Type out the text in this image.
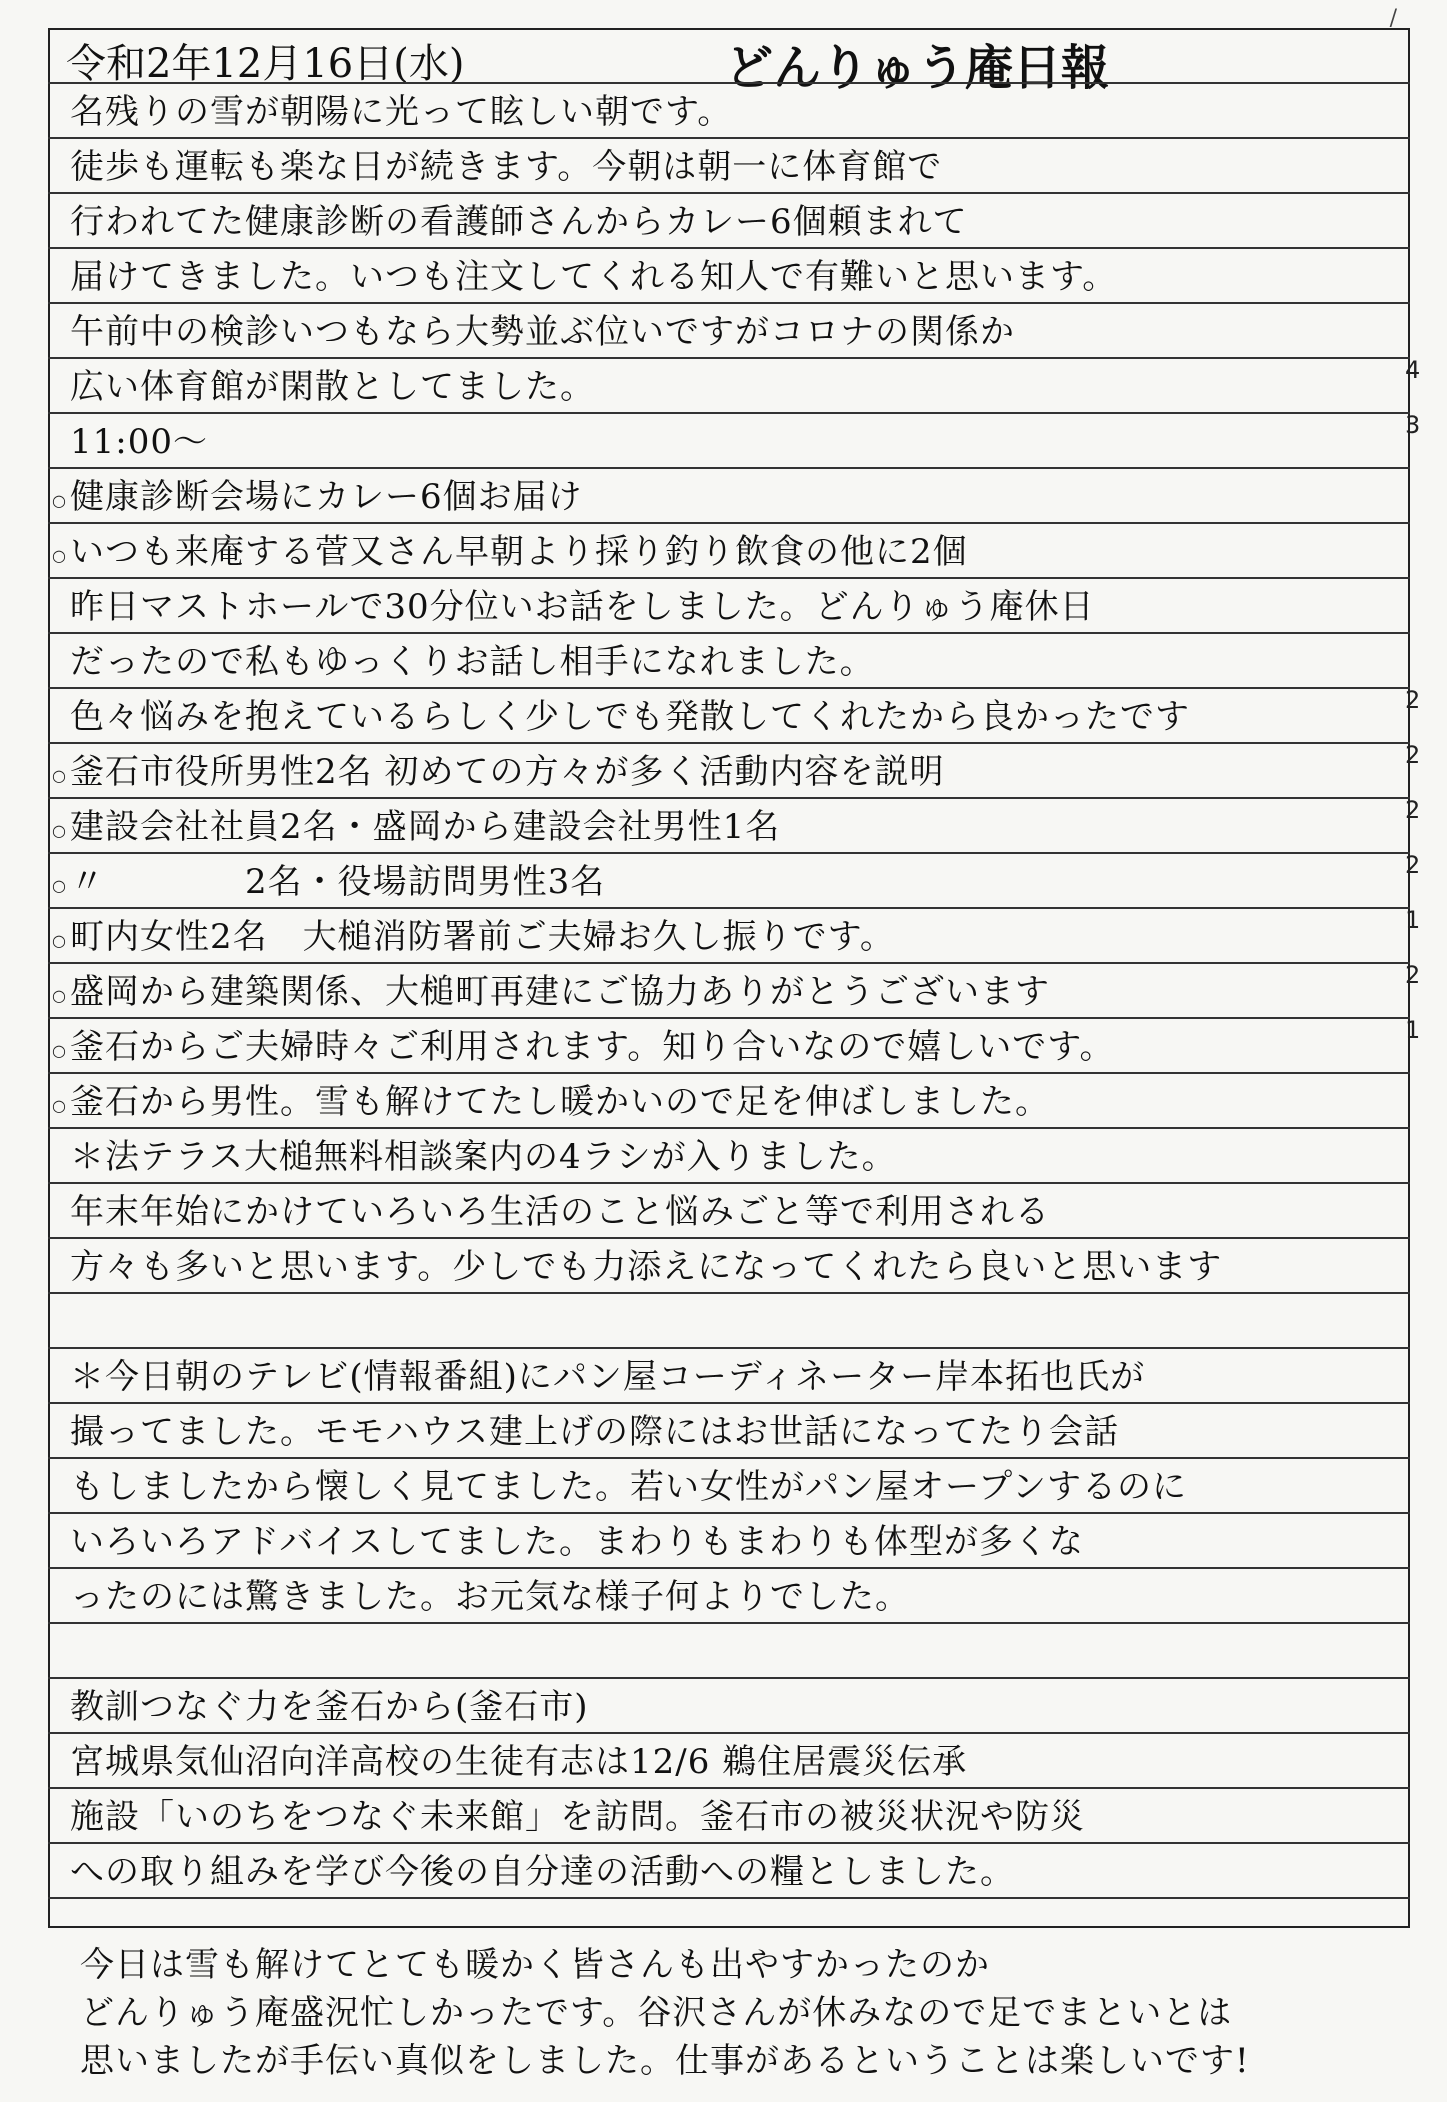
/
令和2年12月16日(水)	どんりゅう庵日報
名残りの雪が朝陽に光って眩しい朝です。
徒歩も運転も楽な日が続きます。今朝は朝一に体育館で
行われてた健康診断の看護師さんからカレー6個頼まれて
届けてきました。いつも注文してくれる知人で有難いと思います。
午前中の検診いつもなら大勢並ぶ位いですがコロナの関係か
広い体育館が閑散としてました。
11:00〜
○ 健康診断会場にカレー6個お届け
○ いつも来庵する菅又さん早朝より採り釣り飲食の他に2個
昨日マストホールで30分位いお話をしました。どんりゅう庵休日
だったので私もゆっくりお話し相手になれました。
色々悩みを抱えているらしく少しでも発散してくれたから良かったです
○ 釜石市役所男性2名 初めての方々が多く活動内容を説明
○ 建設会社社員2名・盛岡から建設会社男性1名
○ 〃　　　　2名・役場訪問男性3名
○ 町内女性2名　大槌消防署前ご夫婦お久し振りです。
○ 盛岡から建築関係、大槌町再建にご協力ありがとうございます
○ 釜石からご夫婦時々ご利用されます。知り合いなので嬉しいです。
○ 釜石から男性。雪も解けてたし暖かいので足を伸ばしました。
＊法テラス大槌無料相談案内の4ラシが入りました。
年末年始にかけていろいろ生活のこと悩みごと等で利用される
方々も多いと思います。少しでも力添えになってくれたら良いと思います
＊今日朝のテレビ(情報番組)にパン屋コーディネーター岸本拓也氏が
撮ってました。モモハウス建上げの際にはお世話になってたり会話
もしましたから懐しく見てました。若い女性がパン屋オープンするのに
いろいろアドバイスしてました。まわりもまわりも体型が多くな
ったのには驚きました。お元気な様子何よりでした。
教訓つなぐ力を釜石から(釜石市)
宮城県気仙沼向洋高校の生徒有志は12/6 鵜住居震災伝承
施設「いのちをつなぐ未来館」を訪問。釜石市の被災状況や防災
への取り組みを学び今後の自分達の活動への糧としました。
今日は雪も解けてとても暖かく皆さんも出やすかったのか
どんりゅう庵盛況忙しかったです。谷沢さんが休みなので足でまといとは
思いましたが手伝い真似をしました。仕事があるということは楽しいです!
4
3
2
2
2
2
1
2
1
